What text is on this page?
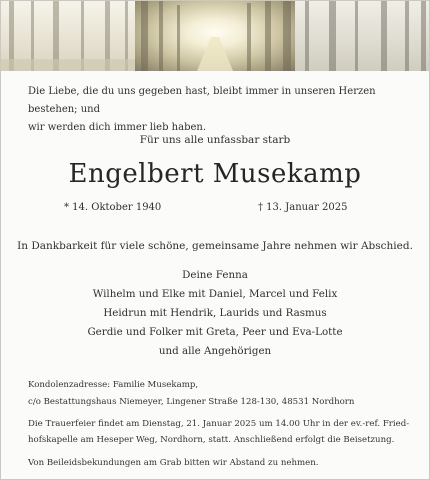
Die Liebe, die du uns gegeben hast, bleibt immer in unseren Herzen bestehen; und
wir werden dich immer lieb haben.
Für uns alle unfassbar starb
Engelbert Musekamp
* 14. Oktober 1940	† 13. Januar 2025
In Dankbarkeit für viele schöne, gemeinsame Jahre nehmen wir Abschied.
Deine Fenna
Wilhelm und Elke mit Daniel, Marcel und Felix
Heidrun mit Hendrik, Laurids und Rasmus
Gerdie und Folker mit Greta, Peer und Eva-Lotte
und alle Angehörigen
Kondolenzadresse: Familie Musekamp,
c/o Bestattungshaus Niemeyer, Lingener Straße 128-130, 48531 Nordhorn
Die Trauerfeier findet am Dienstag, 21. Januar 2025 um 14.00 Uhr in der ev.-ref. Fried-
hofskapelle am Heseper Weg, Nordhorn, statt. Anschließend erfolgt die Beisetzung.
Von Beileidsbekundungen am Grab bitten wir Abstand zu nehmen.
